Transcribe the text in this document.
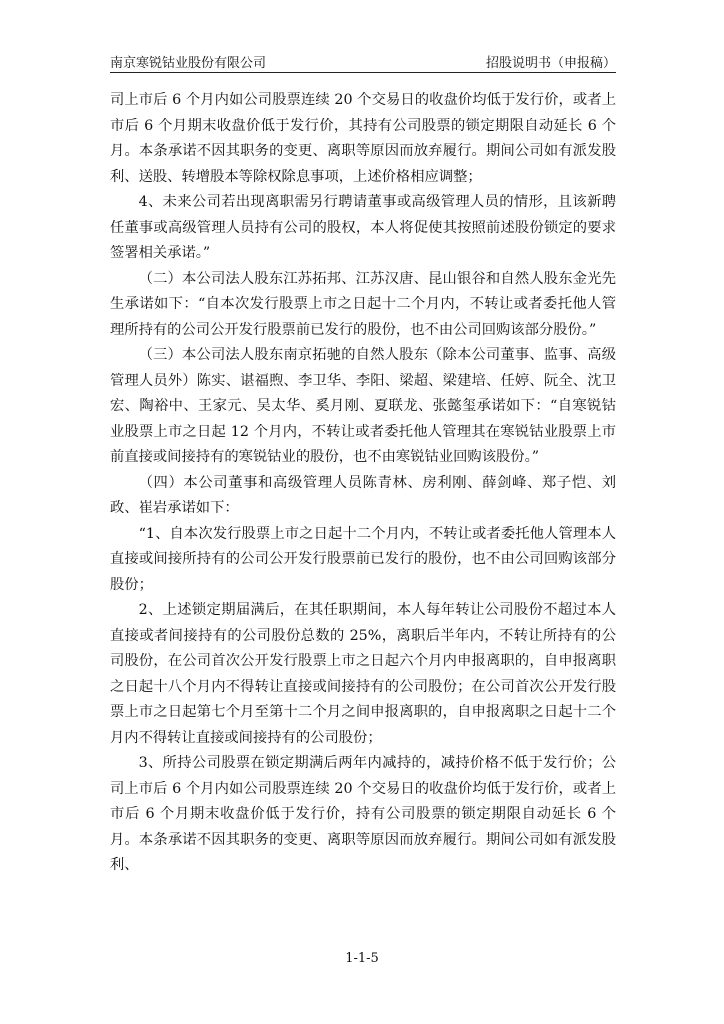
南京寒锐钴业股份有限公司	招股说明书（申报稿）

司上市后 6 个月内如公司股票连续 20 个交易日的收盘价均低于发行价，或者上市后 6 个月期末收盘价低于发行价，其持有公司股票的锁定期限自动延长 6 个月。本条承诺不因其职务的变更、离职等原因而放弃履行。期间公司如有派发股利、送股、转增股本等除权除息事项，上述价格相应调整；

4、未来公司若出现离职需另行聘请董事或高级管理人员的情形，且该新聘任董事或高级管理人员持有公司的股权，本人将促使其按照前述股份锁定的要求签署相关承诺。”

（二）本公司法人股东江苏拓邦、江苏汉唐、昆山银谷和自然人股东金光先生承诺如下：“自本次发行股票上市之日起十二个月内，不转让或者委托他人管理所持有的公司公开发行股票前已发行的股份，也不由公司回购该部分股份。”

（三）本公司法人股东南京拓驰的自然人股东（除本公司董事、监事、高级管理人员外）陈实、谌福煦、李卫华、李阳、梁超、梁建培、任婷、阮全、沈卫宏、陶裕中、王家元、吴太华、奚月刚、夏联龙、张懿玺承诺如下：“自寒锐钴业股票上市之日起 12 个月内，不转让或者委托他人管理其在寒锐钴业股票上市前直接或间接持有的寒锐钴业的股份，也不由寒锐钴业回购该股份。”

（四）本公司董事和高级管理人员陈青林、房利刚、薛剑峰、郑子恺、刘政、崔岩承诺如下：

“1、自本次发行股票上市之日起十二个月内，不转让或者委托他人管理本人直接或间接所持有的公司公开发行股票前已发行的股份，也不由公司回购该部分股份；

2、上述锁定期届满后，在其任职期间，本人每年转让公司股份不超过本人直接或者间接持有的公司股份总数的 25%，离职后半年内，不转让所持有的公司股份，在公司首次公开发行股票上市之日起六个月内申报离职的，自申报离职之日起十八个月内不得转让直接或间接持有的公司股份；在公司首次公开发行股票上市之日起第七个月至第十二个月之间申报离职的，自申报离职之日起十二个月内不得转让直接或间接持有的公司股份；

3、所持公司股票在锁定期满后两年内减持的，减持价格不低于发行价；公司上市后 6 个月内如公司股票连续 20 个交易日的收盘价均低于发行价，或者上市后 6 个月期末收盘价低于发行价，持有公司股票的锁定期限自动延长 6 个月。本条承诺不因其职务的变更、离职等原因而放弃履行。期间公司如有派发股利、

1-1-5
